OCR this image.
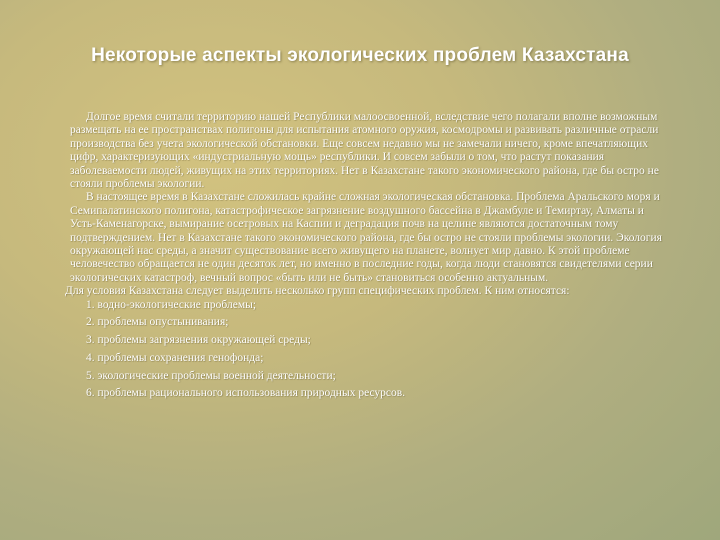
Некоторые аспекты экологических проблем Казахстана

Долгое время считали территорию нашей Республики малоосвоенной, вследствие чего полагали вполне возможным размещать на ее пространствах полигоны для испытания атомного оружия, космодромы и развивать различные отрасли производства без учета экологической обстановки. Еще совсем недавно мы не замечали ничего, кроме впечатляющих цифр, характеризующих «индустриальную мощь» республики. И совсем забыли о том, что растут показания заболеваемости людей, живущих на этих территориях. Нет в Казахстане такого экономического района, где бы остро не стояли проблемы экологии.

В настоящее время в Казахстане сложилась крайне сложная экологическая обстановка. Проблема Аральского моря и Семипалатинского полигона, катастрофическое загрязнение воздушного бассейна в Джамбуле и Темиртау, Алматы и Усть-Каменагорске, вымирание осетровых на Каспии и деградация почв на целине являются достаточным тому подтверждением. Нет в Казахстане такого экономического района, где бы остро не стояли проблемы экологии. Экология окружающей нас среды, а значит существование всего живущего на планете, волнует мир давно. К этой проблеме человечество обращается не один десяток лет, но именно в последние годы, когда люди становятся свидетелями серии экологических катастроф, вечный вопрос «быть или не быть» становиться особенно актуальным.

Для условия Казахстана следует выделить несколько групп специфических проблем. К ним относятся:

1. водно-экологические проблемы;
2. проблемы опустынивания;
3. проблемы загрязнения окружающей среды;
4. проблемы сохранения генофонда;
5. экологические проблемы военной деятельности;
6. проблемы рационального использования природных ресурсов.
